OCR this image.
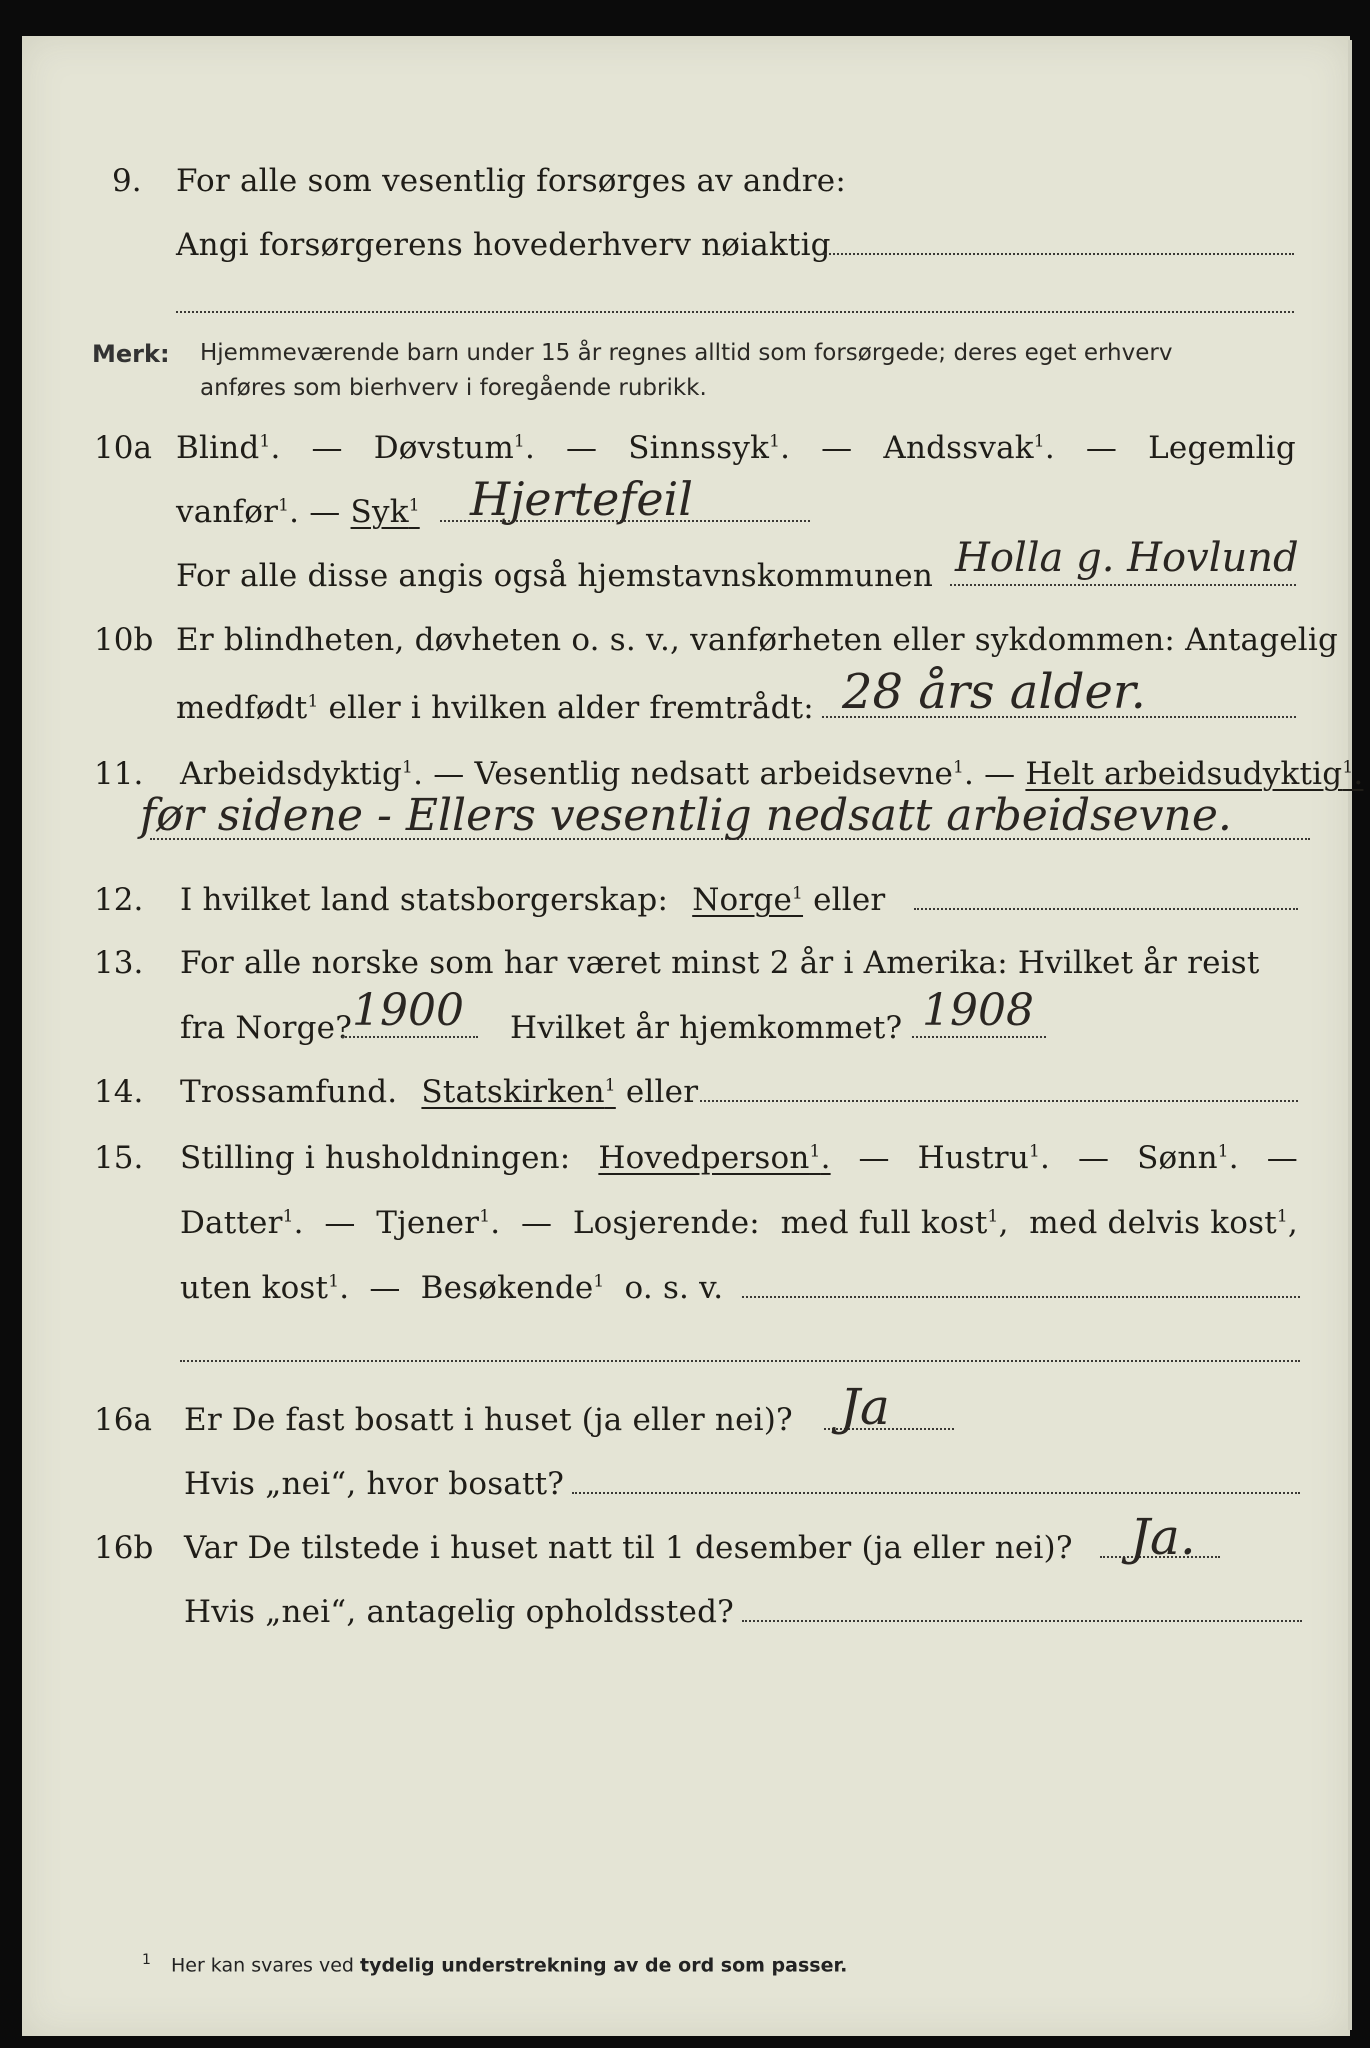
9. For alle som vesentlig forsørges av andre:
Angi forsørgerens hovederhverv nøiaktig
Merk: Hjemmeværende barn under 15 år regnes alltid som forsørgede; deres eget erhverv
anføres som bierhverv i foregående rubrikk.
10a Blind$^1$. — Døvstum$^1$. — Sinnssyk$^1$. — Andssvak$^1$. — Legemlig
vanfør$^1$. — Syk$^1$ Hjertefeil
For alle disse angis også hjemstavnskommunen Holla g. Hovlund
10b Er blindheten, døvheten o. s. v., vanførheten eller sykdommen: Antagelig
medfødt$^1$ eller i hvilken alder fremtrådt: 28 års alder.
11. Arbeidsdyktig$^1$. — Vesentlig nedsatt arbeidsevne$^1$. — Helt arbeidsudyktig$^1$.
før sidene - Ellers vesentlig nedsatt arbeidsevne.
12. I hvilket land statsborgerskap: Norge$^1$ eller
13. For alle norske som har været minst 2 år i Amerika: Hvilket år reist
fra Norge? 1900 Hvilket år hjemkommet? 1908
14. Trossamfund. Statskirken$^1$ eller
15. Stilling i husholdningen: Hovedperson$^1$. — Hustru$^1$. — Sønn$^1$. —
Datter$^1$. — Tjener$^1$. — Losjerende: med full kost$^1$, med delvis kost$^1$,
uten kost$^1$. — Besøkende$^1$ o. s. v.
16a Er De fast bosatt i huset (ja eller nei)? Ja
Hvis „nei“, hvor bosatt?
16b Var De tilstede i huset natt til 1 desember (ja eller nei)? Ja.
Hvis „nei“, antagelig opholdssted?
$^1$ Her kan svares ved tydelig understrekning av de ord som passer.
